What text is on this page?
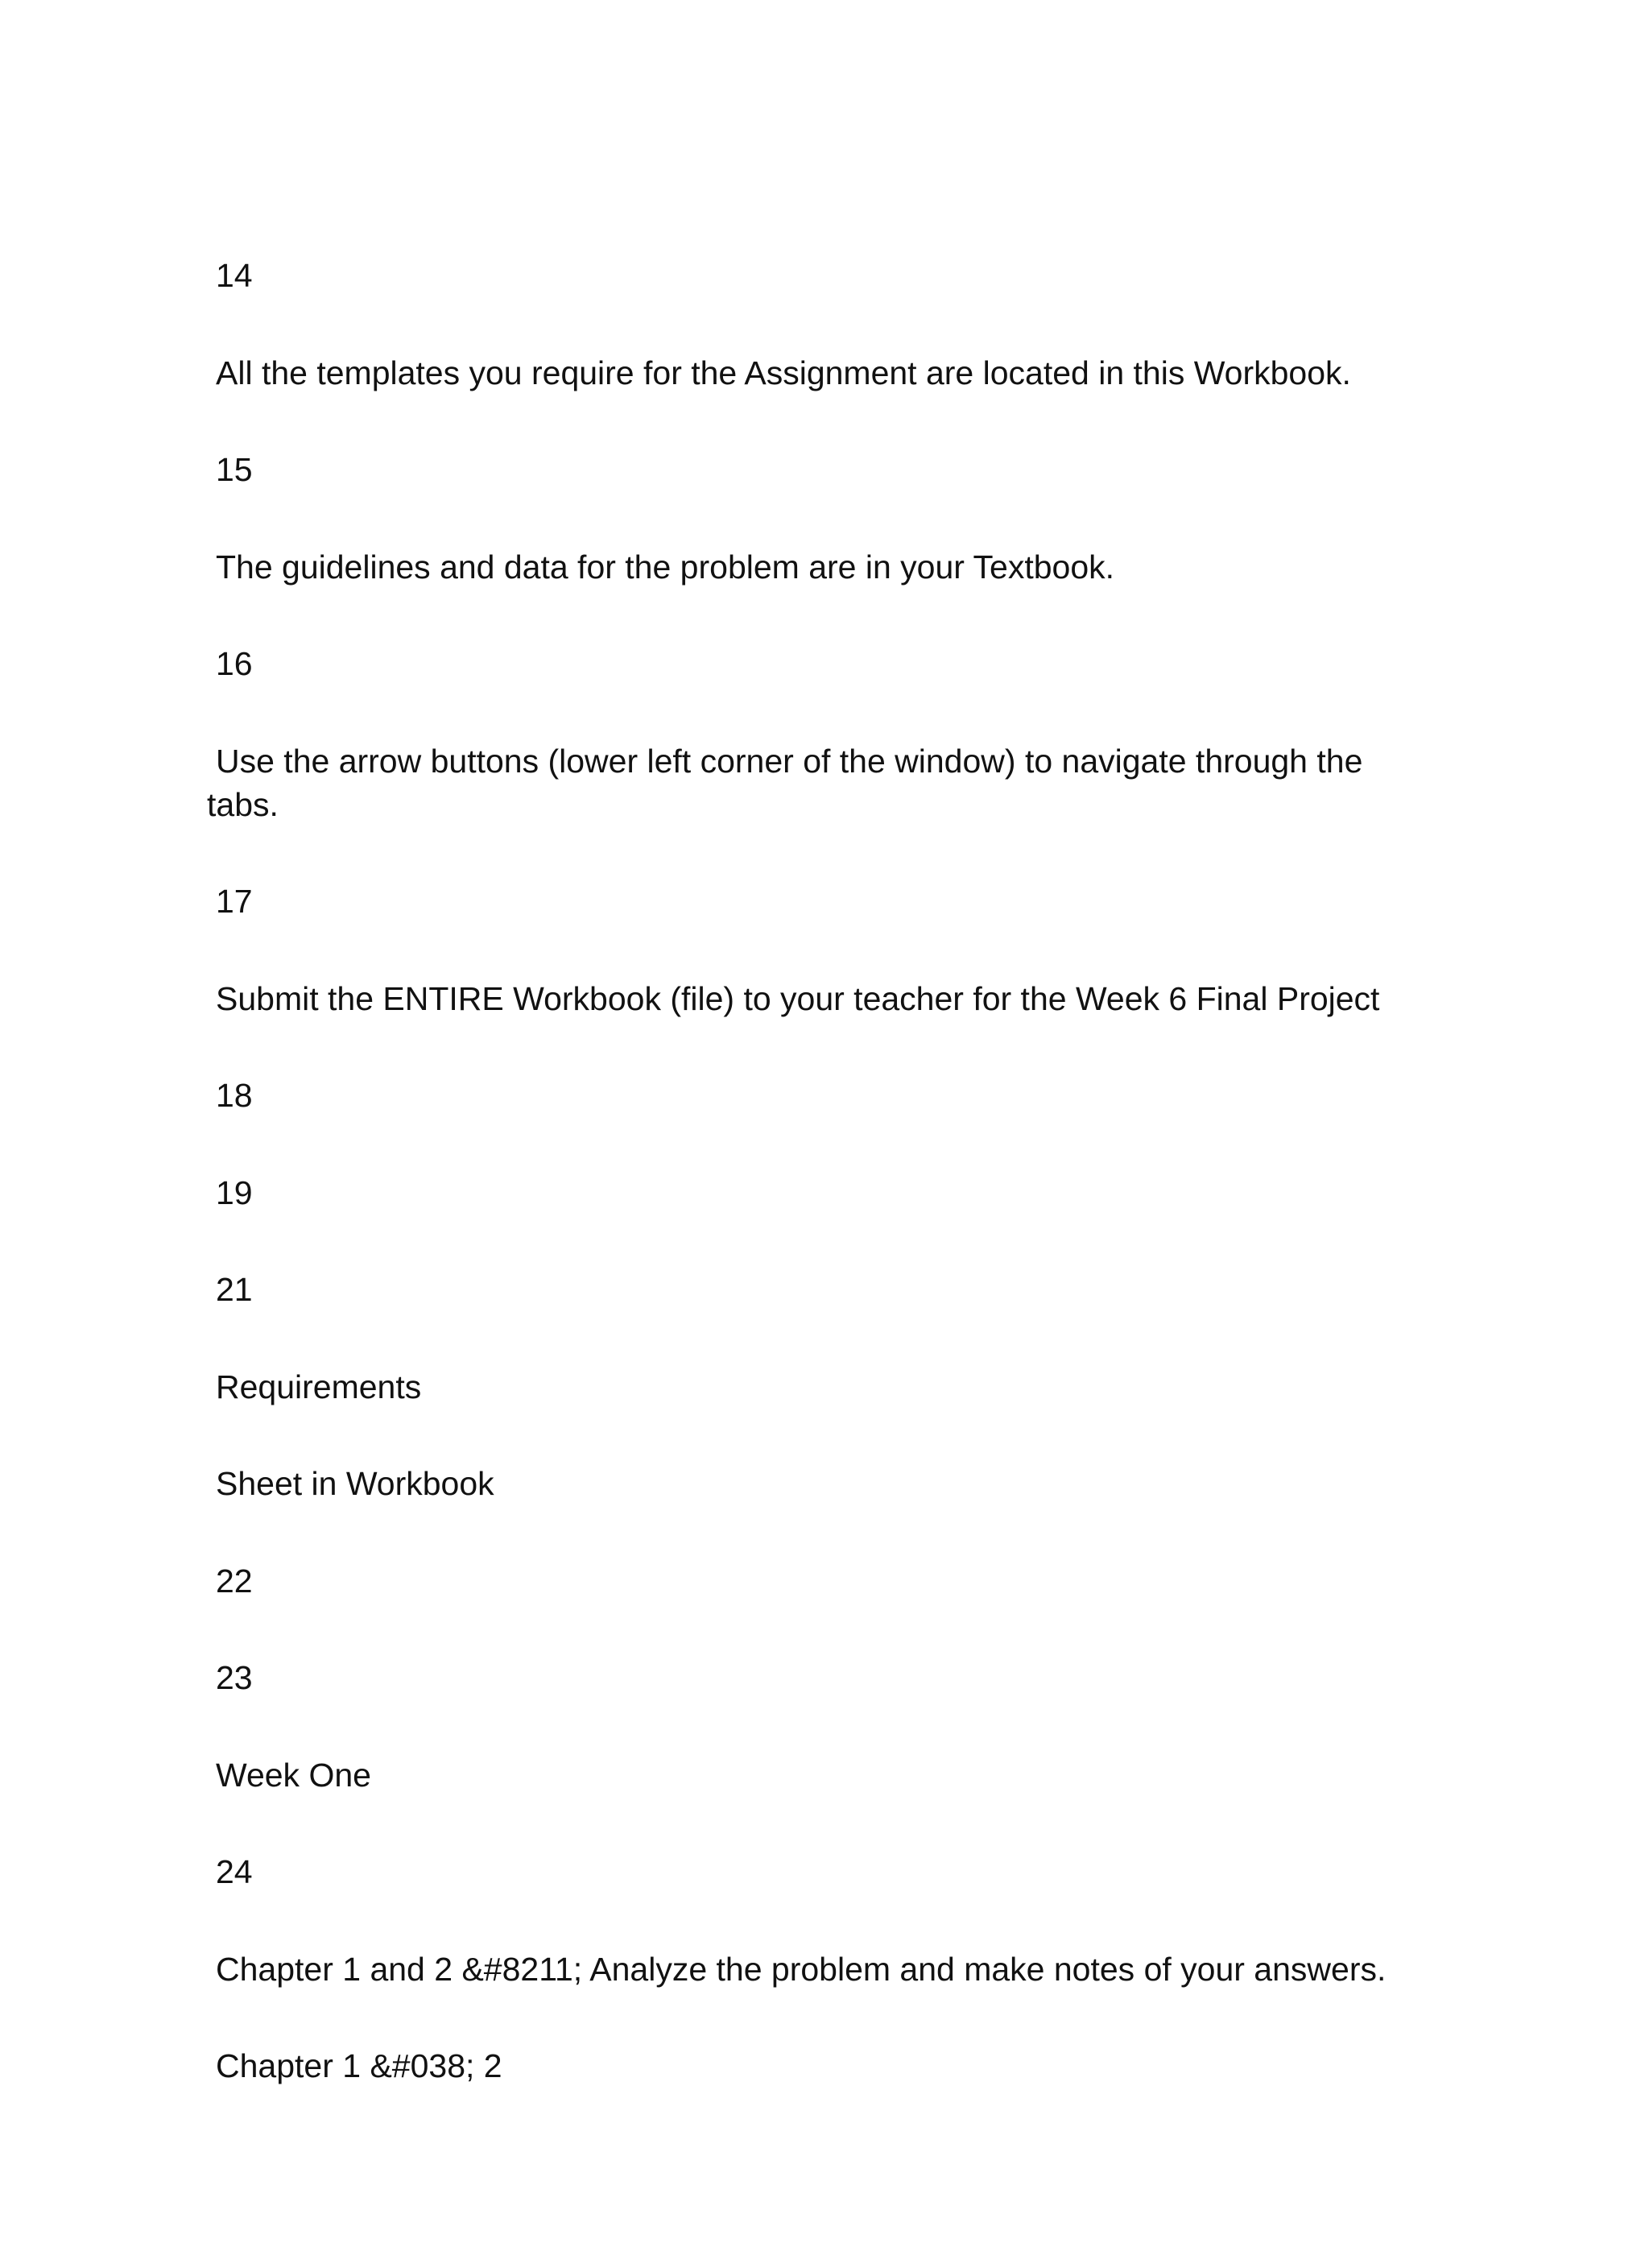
14

All the templates you require for the Assignment are located in this Workbook.

15

The guidelines and data for the problem are in your Textbook.

16

Use the arrow buttons (lower left corner of the window) to navigate through the tabs.

17

Submit the ENTIRE Workbook (file) to your teacher for the Week 6 Final Project

18

19

21

Requirements

Sheet in Workbook

22

23

Week One

24

Chapter 1 and 2 &#8211; Analyze the problem and make notes of your answers.

Chapter 1 &#038; 2
